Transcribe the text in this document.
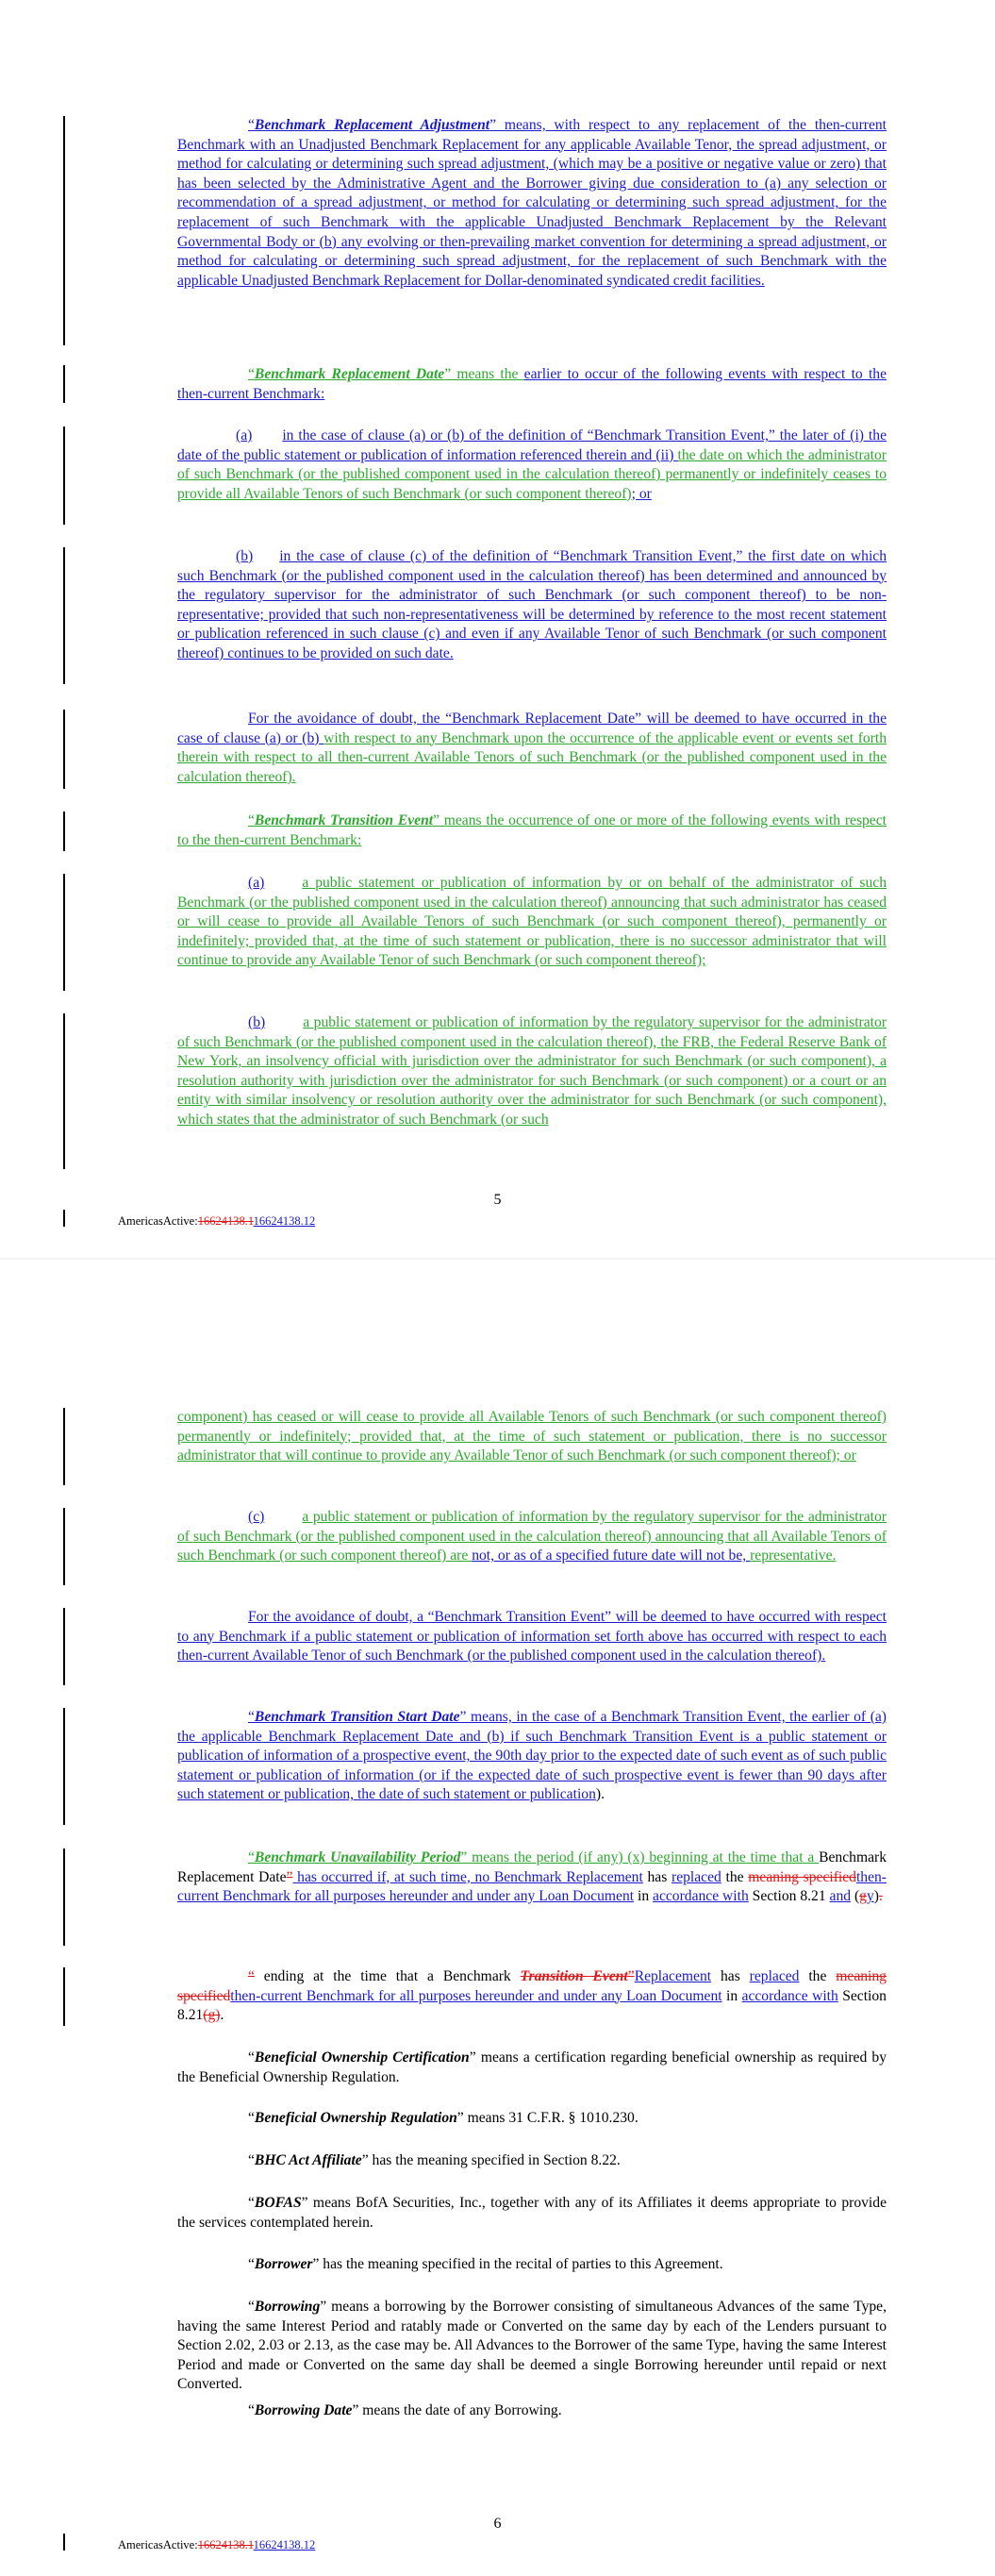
“Benchmark Replacement Adjustment” means, with respect to any replacement of the then-current Benchmark with an Unadjusted Benchmark Replacement for any applicable Available Tenor, the spread adjustment, or method for calculating or determining such spread adjustment, (which may be a positive or negative value or zero) that has been selected by the Administrative Agent and the Borrower giving due consideration to (a) any selection or recommendation of a spread adjustment, or method for calculating or determining such spread adjustment, for the replacement of such Benchmark with the applicable Unadjusted Benchmark Replacement by the Relevant Governmental Body or (b) any evolving or then-prevailing market convention for determining a spread adjustment, or method for calculating or determining such spread adjustment, for the replacement of such Benchmark with the applicable Unadjusted Benchmark Replacement for Dollar-denominated syndicated credit facilities.

“Benchmark Replacement Date” means the earlier to occur of the following events with respect to the then-current Benchmark:

(a) in the case of clause (a) or (b) of the definition of “Benchmark Transition Event,” the later of (i) the date of the public statement or publication of information referenced therein and (ii) the date on which the administrator of such Benchmark (or the published component used in the calculation thereof) permanently or indefinitely ceases to provide all Available Tenors of such Benchmark (or such component thereof); or

(b) in the case of clause (c) of the definition of “Benchmark Transition Event,” the first date on which such Benchmark (or the published component used in the calculation thereof) has been determined and announced by the regulatory supervisor for the administrator of such Benchmark (or such component thereof) to be non-representative; provided that such non-representativeness will be determined by reference to the most recent statement or publication referenced in such clause (c) and even if any Available Tenor of such Benchmark (or such component thereof) continues to be provided on such date.

For the avoidance of doubt, the “Benchmark Replacement Date” will be deemed to have occurred in the case of clause (a) or (b) with respect to any Benchmark upon the occurrence of the applicable event or events set forth therein with respect to all then-current Available Tenors of such Benchmark (or the published component used in the calculation thereof).

“Benchmark Transition Event” means the occurrence of one or more of the following events with respect to the then-current Benchmark:

(a)	a public statement or publication of information by or on behalf of the administrator of such Benchmark (or the published component used in the calculation thereof) announcing that such administrator has ceased or will cease to provide all Available Tenors of such Benchmark (or such component thereof), permanently or indefinitely; provided that, at the time of such statement or publication, there is no successor administrator that will continue to provide any Available Tenor of such Benchmark (or such component thereof);

(b)	a public statement or publication of information by the regulatory supervisor for the administrator of such Benchmark (or the published component used in the calculation thereof), the FRB, the Federal Reserve Bank of New York, an insolvency official with jurisdiction over the administrator for such Benchmark (or such component), a resolution authority with jurisdiction over the administrator for such Benchmark (or such component) or a court or an entity with similar insolvency or resolution authority over the administrator for such Benchmark (or such component), which states that the administrator of such Benchmark (or such

5
AmericasActive:16624138.116624138.12

component) has ceased or will cease to provide all Available Tenors of such Benchmark (or such component thereof) permanently or indefinitely; provided that, at the time of such statement or publication, there is no successor administrator that will continue to provide any Available Tenor of such Benchmark (or such component thereof); or

(c)	a public statement or publication of information by the regulatory supervisor for the administrator of such Benchmark (or the published component used in the calculation thereof) announcing that all Available Tenors of such Benchmark (or such component thereof) are not, or as of a specified future date will not be, representative.

For the avoidance of doubt, a “Benchmark Transition Event” will be deemed to have occurred with respect to any Benchmark if a public statement or publication of information set forth above has occurred with respect to each then-current Available Tenor of such Benchmark (or the published component used in the calculation thereof).

“Benchmark Transition Start Date” means, in the case of a Benchmark Transition Event, the earlier of (a) the applicable Benchmark Replacement Date and (b) if such Benchmark Transition Event is a public statement or publication of information of a prospective event, the 90th day prior to the expected date of such event as of such public statement or publication of information (or if the expected date of such prospective event is fewer than 90 days after such statement or publication, the date of such statement or publication).

“Benchmark Unavailability Period” means the period (if any) (x) beginning at the time that a Benchmark Replacement Date” has occurred if, at such time, no Benchmark Replacement has replaced the meaning specifiedthen-current Benchmark for all purposes hereunder and under any Loan Document in accordance with Section 8.21 and (gy).

“ ending at the time that a Benchmark Transition Event”Replacement has replaced the meaning specifiedthen-current Benchmark for all purposes hereunder and under any Loan Document in accordance with Section 8.21(g).

“Beneficial Ownership Certification” means a certification regarding beneficial ownership as required by the Beneficial Ownership Regulation.

“Beneficial Ownership Regulation” means 31 C.F.R. § 1010.230.

“BHC Act Affiliate” has the meaning specified in Section 8.22.

“BOFAS” means BofA Securities, Inc., together with any of its Affiliates it deems appropriate to provide the services contemplated herein.

“Borrower” has the meaning specified in the recital of parties to this Agreement.

“Borrowing” means a borrowing by the Borrower consisting of simultaneous Advances of the same Type, having the same Interest Period and ratably made or Converted on the same day by each of the Lenders pursuant to Section 2.02, 2.03 or 2.13, as the case may be. All Advances to the Borrower of the same Type, having the same Interest Period and made or Converted on the same day shall be deemed a single Borrowing hereunder until repaid or next Converted.

“Borrowing Date” means the date of any Borrowing.

6
AmericasActive:16624138.116624138.12
